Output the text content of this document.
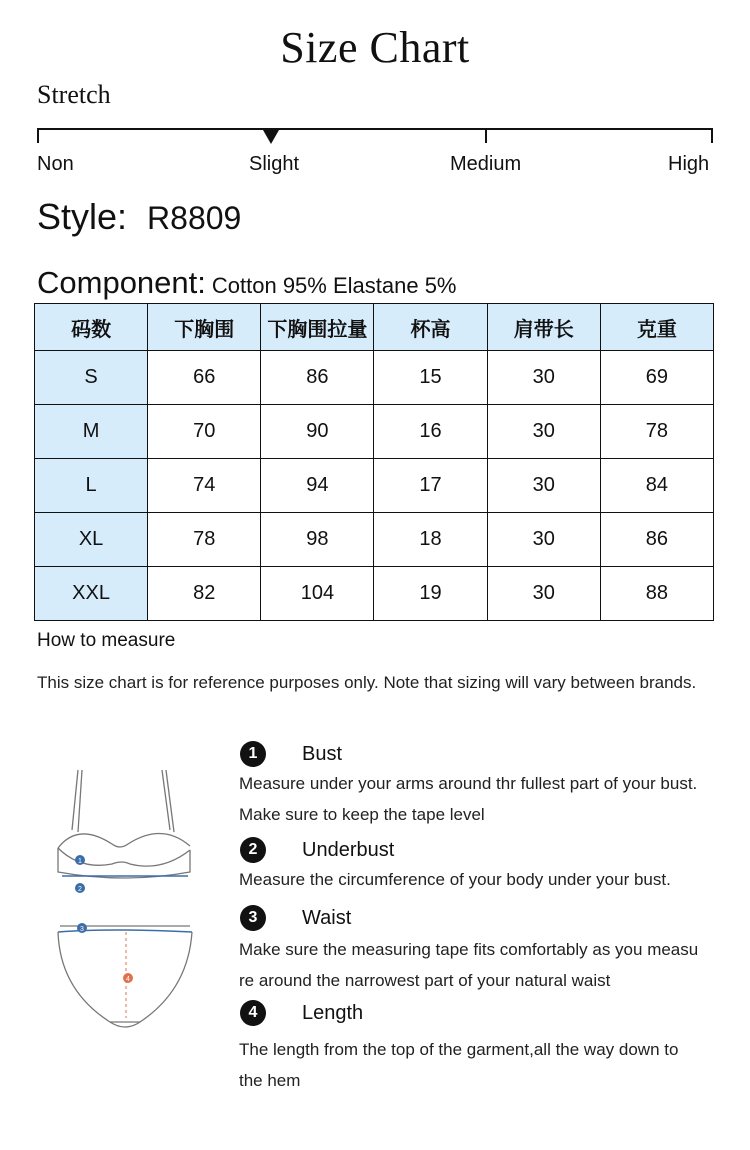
Size Chart
Stretch
Non	Slight	Medium	High
Style: R8809
Component: Cotton 95% Elastane 5%
码数	下胸围	下胸围拉量	杯高	肩带长	克重
S	66	86	15	30	69
M	70	90	16	30	78
L	74	94	17	30	84
XL	78	98	18	30	86
XXL	82	104	19	30	88
How to measure
This size chart is for reference purposes only. Note that sizing will vary between brands.
1
2
3
4
1	Bust
Measure under your arms around thr fullest part of your bust.
Make sure to keep the tape level
2	Underbust
Measure the circumference of your body under your bust.
3	Waist
Make sure the measuring tape fits comfortably as you measu
re around the narrowest part of your natural waist
4	Length
The length from the top of the garment,all the way down to
the hem
